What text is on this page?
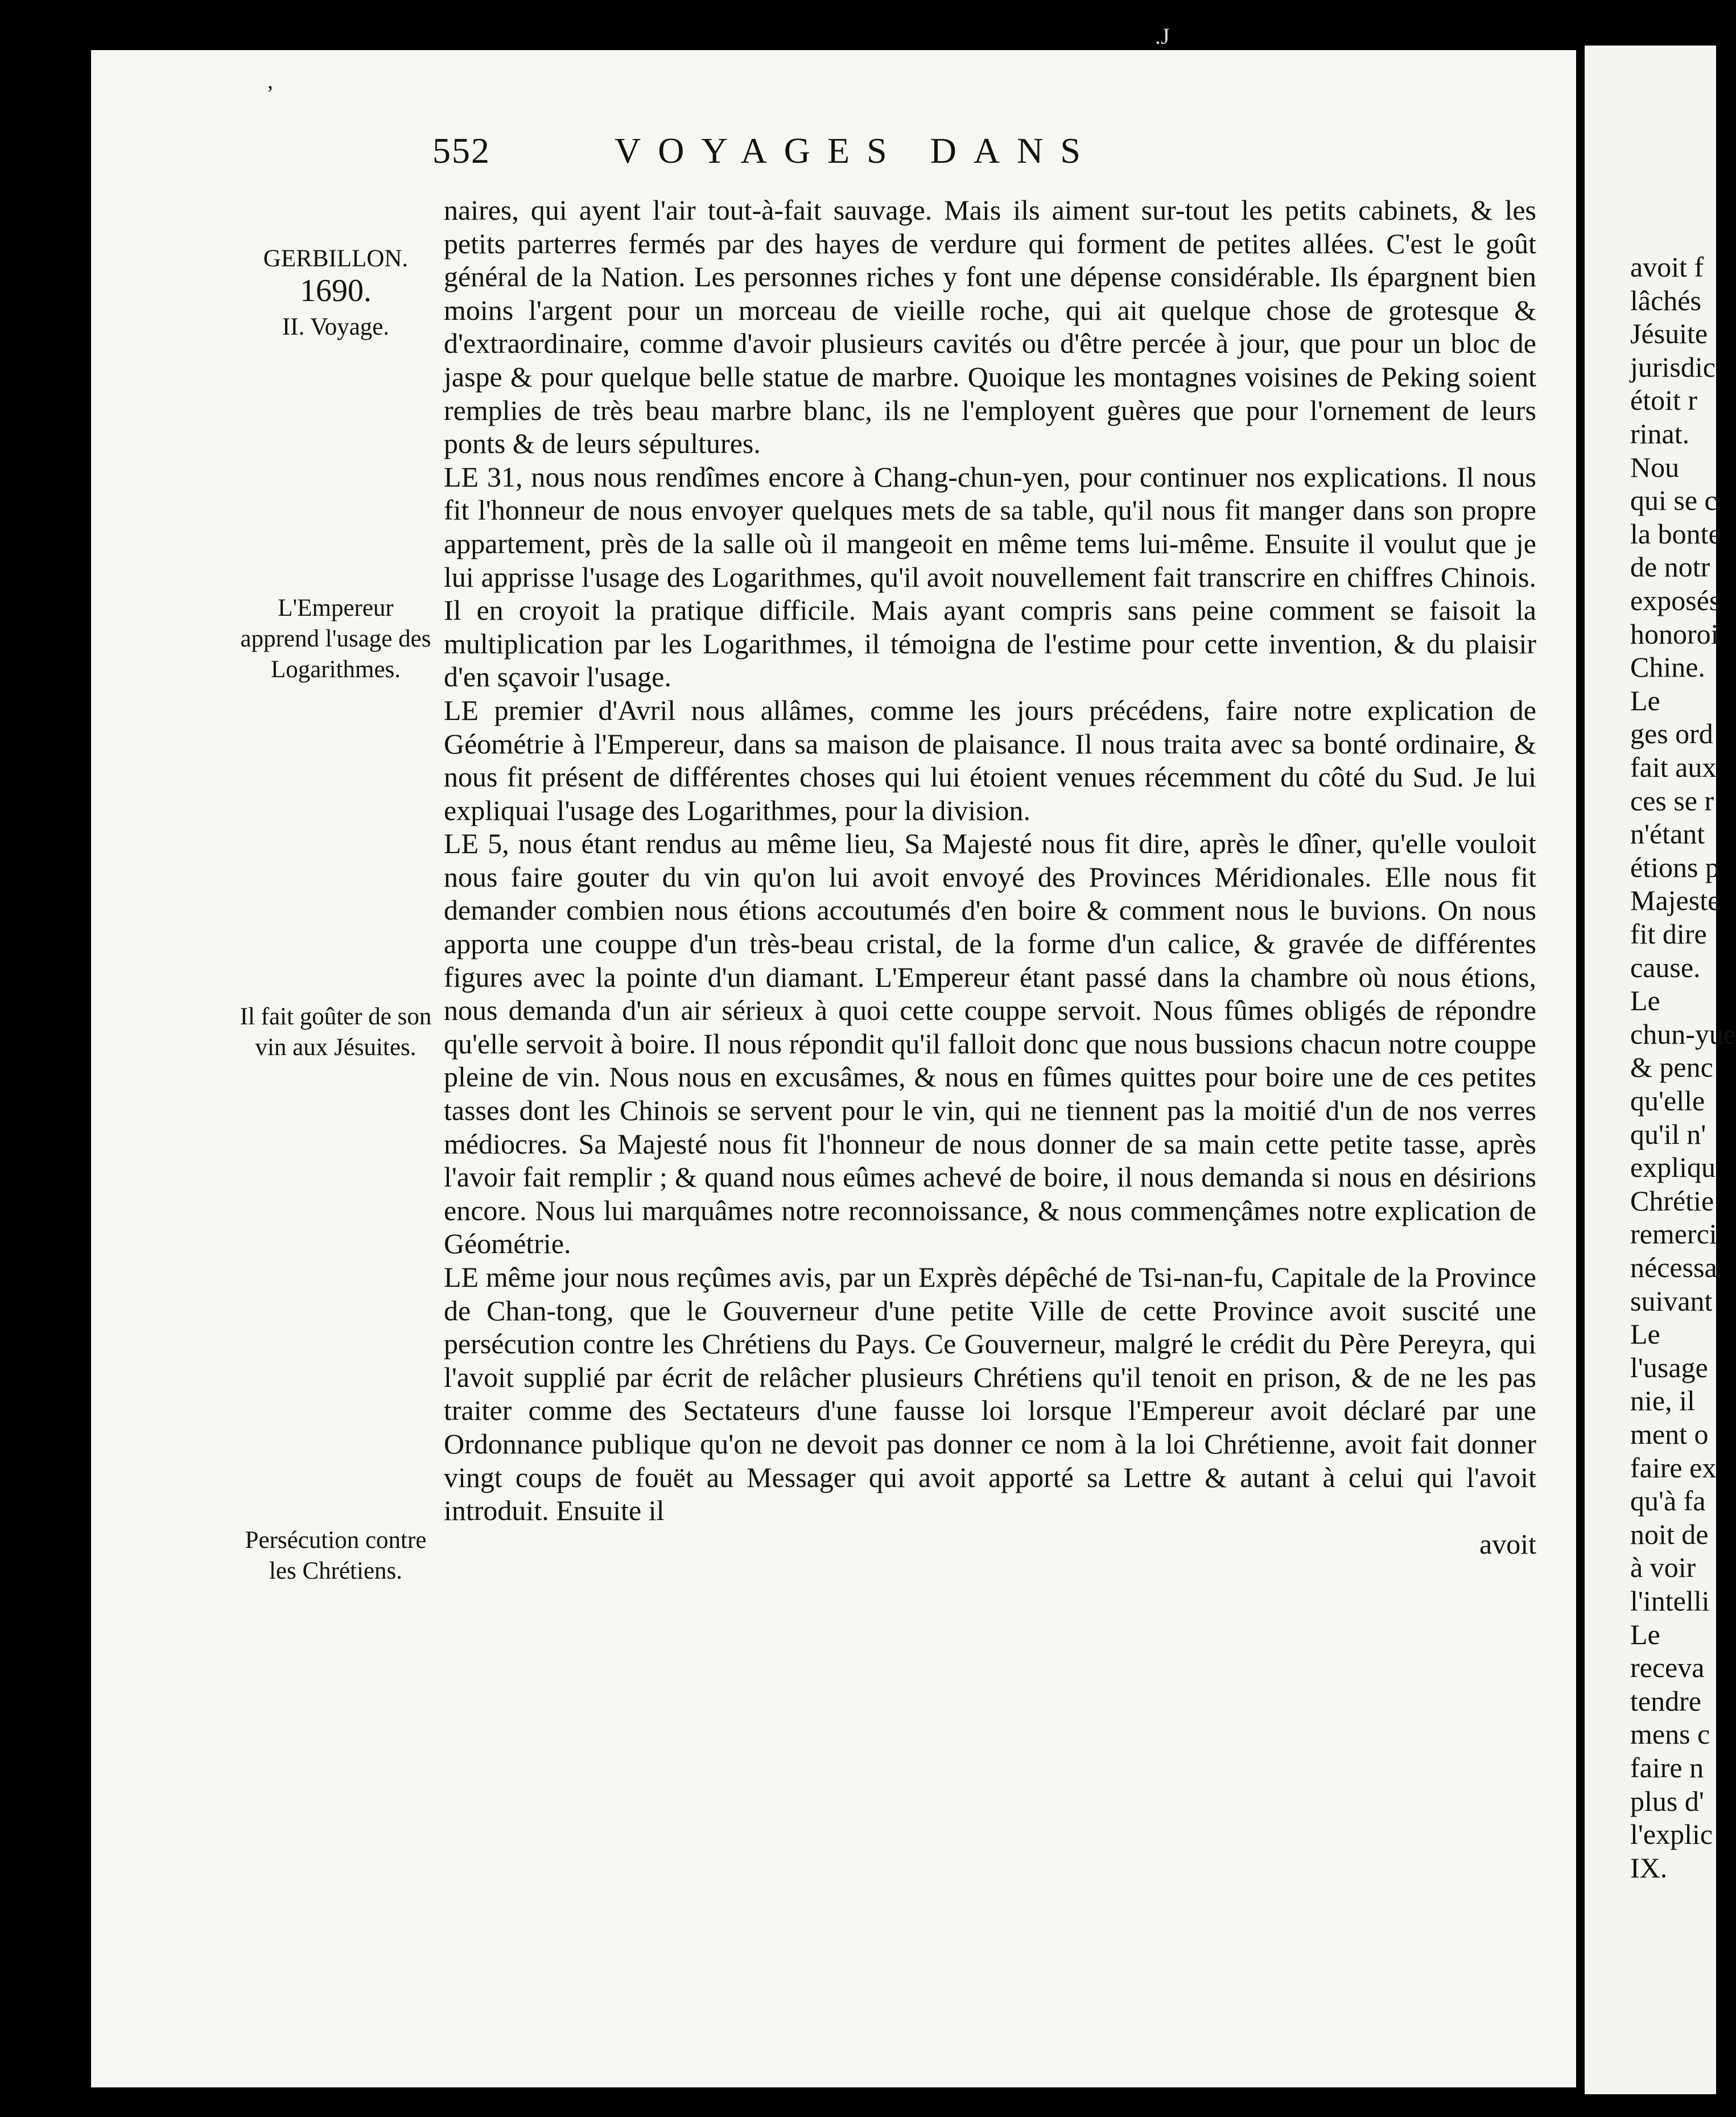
552	VOYAGES DANS
GERBILLON.
1690.
II. Voyage.
L'Empereur apprend l'usage des Logarithmes.
Il fait goûter de son vin aux Jésuites.
Persécution contre les Chrétiens.

naires, qui ayent l'air tout-à-fait sauvage. Mais ils aiment sur-tout les petits cabinets, & les petits parterres fermés par des hayes de verdure qui forment de petites allées. C'est le goût général de la Nation. Les personnes riches y font une dépense considérable. Ils épargnent bien moins l'argent pour un morceau de vieille roche, qui ait quelque chose de grotesque & d'extraordinaire, comme d'avoir plusieurs cavités ou d'être percée à jour, que pour un bloc de jaspe & pour quelque belle statue de marbre. Quoique les montagnes voisines de Peking soient remplies de très beau marbre blanc, ils ne l'employent guères que pour l'ornement de leurs ponts & de leurs sépultures.

LE 31, nous nous rendîmes encore à Chang-chun-yen, pour continuer nos explications. Il nous fit l'honneur de nous envoyer quelques mets de sa table, qu'il nous fit manger dans son propre appartement, près de la salle où il mangeoit en même tems lui-même. Ensuite il voulut que je lui apprisse l'usage des Logarithmes, qu'il avoit nouvellement fait transcrire en chiffres Chinois. Il en croyoit la pratique difficile. Mais ayant compris sans peine comment se faisoit la multiplication par les Logarithmes, il témoigna de l'estime pour cette invention, & du plaisir d'en sçavoir l'usage.

LE premier d'Avril nous allâmes, comme les jours précédens, faire notre explication de Géométrie à l'Empereur, dans sa maison de plaisance. Il nous traita avec sa bonté ordinaire, & nous fit présent de différentes choses qui lui étoient venues récemment du côté du Sud. Je lui expliquai l'usage des Logarithmes, pour la division.

LE 5, nous étant rendus au même lieu, Sa Majesté nous fit dire, après le dîner, qu'elle vouloit nous faire gouter du vin qu'on lui avoit envoyé des Provinces Méridionales. Elle nous fit demander combien nous étions accoutumés d'en boire & comment nous le buvions. On nous apporta une couppe d'un très-beau cristal, de la forme d'un calice, & gravée de différentes figures avec la pointe d'un diamant. L'Empereur étant passé dans la chambre où nous étions, nous demanda d'un air sérieux à quoi cette couppe servoit. Nous fûmes obligés de répondre qu'elle servoit à boire. Il nous répondit qu'il falloit donc que nous bussions chacun notre couppe pleine de vin. Nous nous en excusâmes, & nous en fûmes quittes pour boire une de ces petites tasses dont les Chinois se servent pour le vin, qui ne tiennent pas la moitié d'un de nos verres médiocres. Sa Majesté nous fit l'honneur de nous donner de sa main cette petite tasse, après l'avoir fait remplir ; & quand nous eûmes achevé de boire, il nous demanda si nous en désirions encore. Nous lui marquâmes notre reconnoissance, & nous commençâmes notre explication de Géométrie.

LE même jour nous reçûmes avis, par un Exprès dépêché de Tsi-nan-fu, Capitale de la Province de Chan-tong, que le Gouverneur d'une petite Ville de cette Province avoit suscité une persécution contre les Chrétiens du Pays. Ce Gouverneur, malgré le crédit du Père Pereyra, qui l'avoit supplié par écrit de relâcher plusieurs Chrétiens qu'il tenoit en prison, & de ne les pas traiter comme des Sectateurs d'une fausse loi lorsque l'Empereur avoit déclaré par une Ordonnance publique qu'on ne devoit pas donner ce nom à la loi Chrétienne, avoit fait donner vingt coups de fouët au Messager qui avoit apporté sa Lettre & autant à celui qui l'avoit introduit. Ensuite il

avoit
avoit f
lâchés
Jésuite
jurisdic
étoit r
rinat.
Nou
qui se c
la bonte
de notr
exposés
honoroi
Chine.
Le
ges ord
fait aux
ces se r
n'étant
étions p
Majeste
fit dire
cause.
Le
chun-yue
& penc
qu'elle
qu'il n'
expliqu
Chrétie
remerci
nécessa
suivant
Le
l'usage
nie, il
ment o
faire ex
qu'à fa
noit de
à voir
l'intelli
Le
receva
tendre
mens c
faire n
plus d'
l'explic
IX.
,
.J
